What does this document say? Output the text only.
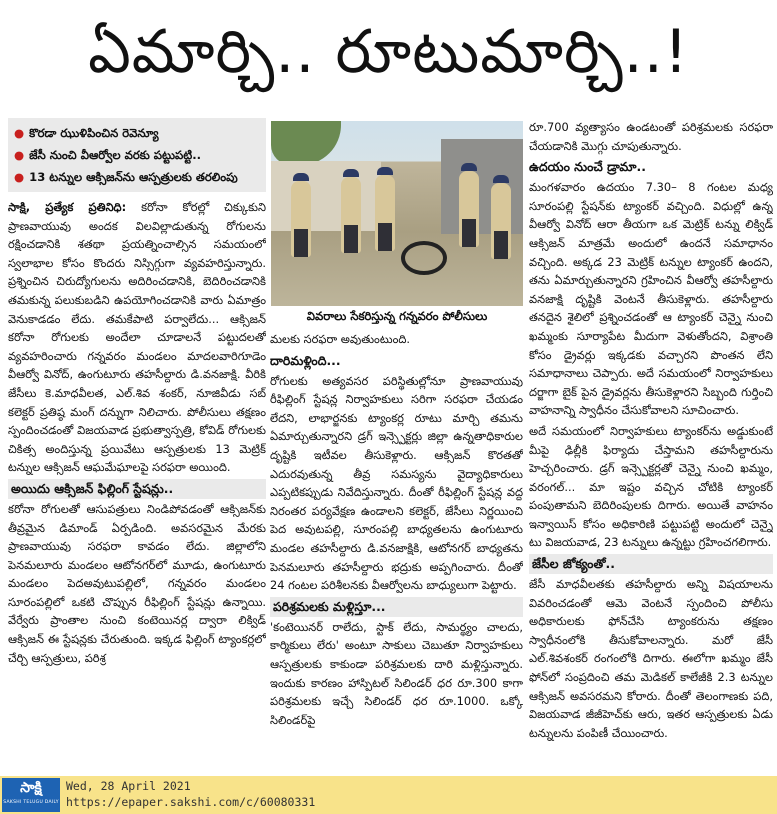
ఏమార్చి.. రూటుమార్చి..!
● కొరడా ఝుళిపించిన రెవెన్యూ
● జేసీ నుంచి వీఆర్వోల వరకు పట్టుపట్టి..
● 13 టన్నుల ఆక్సిజన్‌ను ఆస్పత్రులకు తరలింపు

సాక్షి, ప్రత్యేక ప్రతినిధి: కరోనా కోరల్లో చిక్కుకుని ప్రాణవాయువు అందక విలవిల్లాడుతున్న రోగులను రక్షించడానికి శతథా ప్రయత్నించాల్సిన సమయంలో స్వలాభాల కోసం కొందరు నిస్సిగ్గుగా వ్యవహరిస్తున్నారు. ప్రశ్నించిన చిరుద్యోగులను అదిరించడానికి, బెదిరించడానికి తమకున్న పలుకుబడిని ఉపయోగించడానికి వారు ఏమాత్రం వెనుకాడడం లేదు. తమకేపాటి పర్వాలేదు... ఆక్సిజన్ కరోనా రోగులకు అందేలా చూడాలనే పట్టుదలతో వ్యవహరించారు గన్నవరం మండలం మాదలవారిగూడెం వీఆర్వో వినోద్, ఉంగుటూరు తహసీల్దారు డి.వనజాక్షి. వీరికి జేసీలు కె.మాధవీలత, ఎల్.శివ శంకర్, నూజివీడు సబ్ కలెక్టర్ ప్రతిష్ఠ మంగ్‌ దన్నుగా నిలిచారు. పోలీసులు తక్షణం స్పందించడంతో విజయవాడ ప్రభుత్వాస్పత్రి, కోవిడ్ రోగులకు చికిత్స అందిస్తున్న ప్రయివేటు ఆస్పత్రులకు 13 మెట్రిక్ టన్నుల ఆక్సిజన్ ఆఘమేఘాలపై సరఫరా అయింది.

అయిదు ఆక్సిజన్‌ ఫిల్లింగ్‌ స్టేషన్లు..

కరోనా రోగులతో ఆసుపత్రులు నిండిపోవడంతో ఆక్సిజన్‌కు తీవ్రమైన డిమాండ్ ఏర్పడింది. అవసరమైన మేరకు ప్రాణవాయువు సరఫరా కావడం లేదు. జిల్లాలోని పెనమలూరు మండలం ఆటోనగర్‌లో మూడు, ఉంగుటూరు మండలం పెదఅవుటుపల్లిలో, గన్నవరం మండలం సూరంపల్లిలో ఒకటి చొప్పున రీఫిల్లింగ్ స్టేషన్లు ఉన్నాయి. వేర్వేరు ప్రాంతాల నుంచి కంటెయినర్ల ద్వారా లిక్విడ్ ఆక్సిజన్ ఈ స్టేషన్లకు చేరుతుంది. ఇక్కడ ఫిల్లింగ్ ట్యాంకర్లలో చేర్చి ఆస్పత్రులు, పరిశ్ర

వివరాలు సేకరిస్తున్న గన్నవరం పోలీసులు

మలకు సరఫరా అవుతుంటుంది.

దారిమళ్లింది...

రోగులకు అత్యవసర పరిస్థితుల్లోనూ ప్రాణవాయువు రీఫిల్లింగ్ స్టేషన్ల నిర్వాహకులు సరిగా సరఫరా చేయడం లేదని, లాభార్జనకు ట్యాంకర్ల రూటు మార్చి తమను ఏమార్చుతున్నారని డ్రగ్ ఇన్స్పెక్టర్లు జిల్లా ఉన్నతాధికారుల దృష్టికి ఇటీవల తీసుకెళ్లారు. ఆక్సిజన్ కొరతతో ఎదురవుతున్న తీవ్ర సమస్యను వైద్యాధికారులు ఎప్పటికప్పుడు నివేదిస్తున్నారు. దీంతో రీఫిల్లింగ్ స్టేషన్ల వద్ద నిరంతర పర్యవేక్షణ ఉండాలని కలెక్టర్, జేసీలు నిర్ణయించి పెద అవుటపల్లి, సూరంపల్లి బాధ్యతలను ఉంగుటూరు మండల తహసీల్దారు డి.వనజాక్షికి, ఆటోనగర్ బాధ్యతను పెనమలూరు తహసీల్దారు భద్రుకు అప్పగించారు. దీంతో 24 గంటల పరిశీలనకు వీఆర్వోలను బాధ్యులుగా పెట్టారు.

పరిశ్రమలకు మళ్లిస్తూ...

'కంటెయినర్ రాలేదు, స్టాక్ లేదు, సామర్థ్యం చాలదు, కార్మికులు లేరు' అంటూ సాకులు చెబుతూ నిర్వాహకులు ఆస్పత్రులకు కాకుండా పరిశ్రమలకు దారి మళ్లిస్తున్నారు. ఇందుకు కారణం హాస్పిటల్ సిలిండర్ ధర రూ.300 కాగా పరిశ్రమలకు ఇచ్చే సిలిండర్ ధర రూ.1000. ఒక్కో సిలిండర్‌పై

రూ.700 వ్యత్యాసం ఉండటంతో పరిశ్రమలకు సరఫరా చేయడానికి మొగ్గు చూపుతున్నారు.

ఉదయం నుంచే డ్రామా..

మంగళవారం ఉదయం 7.30– 8 గంటల మధ్య సూరంపల్లి స్టేషన్‌కు ట్యాంకర్ వచ్చింది. విధుల్లో ఉన్న వీఆర్వో వినోద్ ఆరా తీయగా ఒక మెట్రిక్ టన్ను లిక్విడ్ ఆక్సిజన్ మాత్రమే అందులో ఉందనే సమాధానం వచ్చింది. అక్కడ 23 మెట్రిక్ టన్నుల ట్యాంకర్ ఉందని, తను ఏమార్చుతున్నారని గ్రహించిన వీఆర్వో తహసీల్దారు వనజాక్షి దృష్టికి వెంటనే తీసుకెళ్లారు. తహసీల్దారు తనదైన శైలిలో ప్రశ్నించడంతో ఆ ట్యాంకర్ చెన్నై నుంచి ఖమ్మంకు సూర్యాపేట మీదుగా వెళుతోందని, విశ్రాంతి కోసం డ్రైవర్లు ఇక్కడకు వచ్చారని పొంతన లేని సమాధానాలు చెప్పారు. అదే సమయంలో నిర్వాహకులు దర్జాగా బైక్‌ పైన డ్రైవర్లను తీసుకెళ్లారని సిబ్బంది గుర్తించి వాహనాన్ని స్వాధీనం చేసుకోవాలని సూచించారు.

అదే సమయంలో నిర్వాహకులు ట్యాంకర్‌ను అడ్డుకుంటే మీపై ఢిల్లీకి ఫిర్యాదు చేస్తామని తహసీల్దారును హెచ్చరించారు. డ్రగ్ ఇన్స్పెక్టర్లతో చెన్నై నుంచి ఖమ్మం, వరంగల్... మా ఇష్టం వచ్చిన చోటికి ట్యాంకర్ పంపుతామని బెదిరింపులకు దిగారు. అయితే వాహనం ఇన్వాయిస్ కోసం అధికారిణి పట్టుపట్టి అందులో చెన్నై టు విజయవాడ, 23 టన్నులు ఉన్నట్టు గ్రహించగలిగారు.

జేసీల జోక్యంతో..

జేసీ మాధవీలతకు తహసీల్దారు అన్ని విషయాలను వివరించడంతో ఆమె వెంటనే స్పందించి పోలీసు అధికారులకు ఫోన్‌చేసి ట్యాంకరును తక్షణం స్వాధీనంలోకి తీసుకోవాలన్నారు. మరో జేసీ ఎల్.శివశంకర్ రంగంలోకి దిగారు. ఈలోగా ఖమ్మం జేసీ ఫోన్‌లో సంప్రదించి తమ మెడికల్ కాలేజీకి 2.3 టన్నుల ఆక్సిజన్ అవసరమని కోరారు. దీంతో తెలంగాణకు పది, విజయవాడ జీజీహెచ్‌కు ఆరు, ఇతర ఆస్పత్రులకు ఏడు టన్నులను పంపిణీ చేయించారు.

సాక్షి
SAKSHI TELUGU DAILY
Wed, 28 April 2021
https://epaper.sakshi.com/c/60080331
